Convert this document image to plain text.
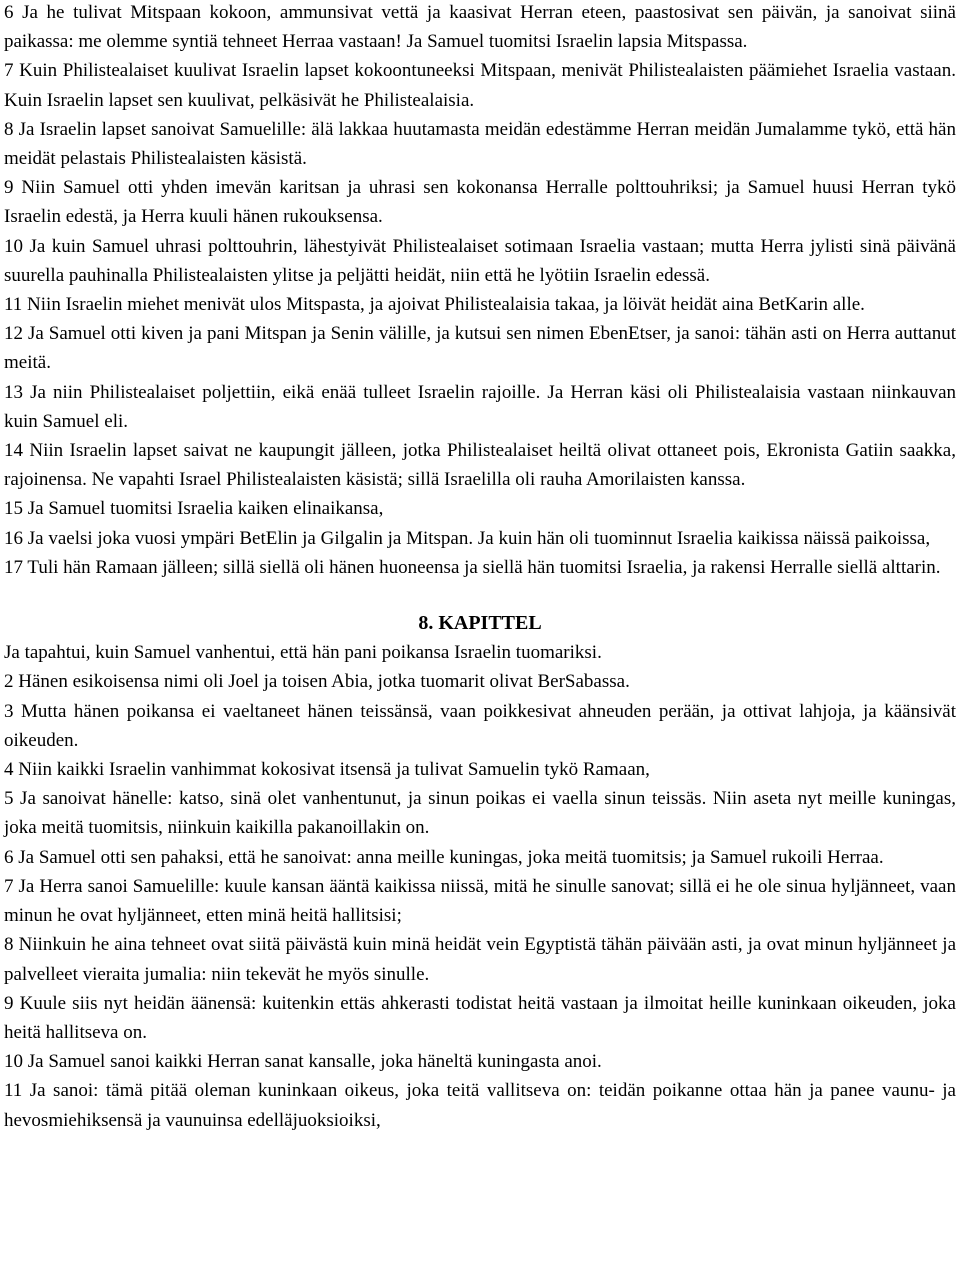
6 Ja he tulivat Mitspaan kokoon, ammunsivat vettä ja kaasivat Herran eteen, paastosivat sen päivän, ja sanoivat siinä paikassa: me olemme syntiä tehneet Herraa vastaan! Ja Samuel tuomitsi Israelin lapsia Mitspassa.

7 Kuin Philistealaiset kuulivat Israelin lapset kokoontuneeksi Mitspaan, menivät Philistealaisten päämiehet Israelia vastaan. Kuin Israelin lapset sen kuulivat, pelkäsivät he Philistealaisia.

8 Ja Israelin lapset sanoivat Samuelille: älä lakkaa huutamasta meidän edestämme Herran meidän Jumalamme tykö, että hän meidät pelastais Philistealaisten käsistä.

9 Niin Samuel otti yhden imevän karitsan ja uhrasi sen kokonansa Herralle polttouhriksi; ja Samuel huusi Herran tykö Israelin edestä, ja Herra kuuli hänen rukouksensa.

10 Ja kuin Samuel uhrasi polttouhrin, lähestyivät Philistealaiset sotimaan Israelia vastaan; mutta Herra jylisti sinä päivänä suurella pauhinalla Philistealaisten ylitse ja peljätti heidät, niin että he lyötiin Israelin edessä.

11 Niin Israelin miehet menivät ulos Mitspasta, ja ajoivat Philistealaisia takaa, ja löivät heidät aina BetKarin alle.

12 Ja Samuel otti kiven ja pani Mitspan ja Senin välille, ja kutsui sen nimen EbenEtser, ja sanoi: tähän asti on Herra auttanut meitä.

13 Ja niin Philistealaiset poljettiin, eikä enää tulleet Israelin rajoille. Ja Herran käsi oli Philistealaisia vastaan niinkauvan kuin Samuel eli.

14 Niin Israelin lapset saivat ne kaupungit jälleen, jotka Philistealaiset heiltä olivat ottaneet pois, Ekronista Gatiin saakka, rajoinensa. Ne vapahti Israel Philistealaisten käsistä; sillä Israelilla oli rauha Amorilaisten kanssa.

15 Ja Samuel tuomitsi Israelia kaiken elinaikansa,

16 Ja vaelsi joka vuosi ympäri BetElin ja Gilgalin ja Mitspan. Ja kuin hän oli tuominnut Israelia kaikissa näissä paikoissa,

17 Tuli hän Ramaan jälleen; sillä siellä oli hänen huoneensa ja siellä hän tuomitsi Israelia, ja rakensi Herralle siellä alttarin.

8. KAPITTEL

Ja tapahtui, kuin Samuel vanhentui, että hän pani poikansa Israelin tuomariksi.

2 Hänen esikoisensa nimi oli Joel ja toisen Abia, jotka tuomarit olivat BerSabassa.

3 Mutta hänen poikansa ei vaeltaneet hänen teissänsä, vaan poikkesivat ahneuden perään, ja ottivat lahjoja, ja käänsivät oikeuden.

4 Niin kaikki Israelin vanhimmat kokosivat itsensä ja tulivat Samuelin tykö Ramaan,

5 Ja sanoivat hänelle: katso, sinä olet vanhentunut, ja sinun poikas ei vaella sinun teissäs. Niin aseta nyt meille kuningas, joka meitä tuomitsis, niinkuin kaikilla pakanoillakin on.

6 Ja Samuel otti sen pahaksi, että he sanoivat: anna meille kuningas, joka meitä tuomitsis; ja Samuel rukoili Herraa.

7 Ja Herra sanoi Samuelille: kuule kansan ääntä kaikissa niissä, mitä he sinulle sanovat; sillä ei he ole sinua hyljänneet, vaan minun he ovat hyljänneet, etten minä heitä hallitsisi;

8 Niinkuin he aina tehneet ovat siitä päivästä kuin minä heidät vein Egyptistä tähän päivään asti, ja ovat minun hyljänneet ja palvelleet vieraita jumalia: niin tekevät he myös sinulle.

9 Kuule siis nyt heidän äänensä: kuitenkin ettäs ahkerasti todistat heitä vastaan ja ilmoitat heille kuninkaan oikeuden, joka heitä hallitseva on.

10 Ja Samuel sanoi kaikki Herran sanat kansalle, joka häneltä kuningasta anoi.

11 Ja sanoi: tämä pitää oleman kuninkaan oikeus, joka teitä vallitseva on: teidän poikanne ottaa hän ja panee vaunu- ja hevosmiehiksensä ja vaunuinsa edelläjuoksioiksi,
